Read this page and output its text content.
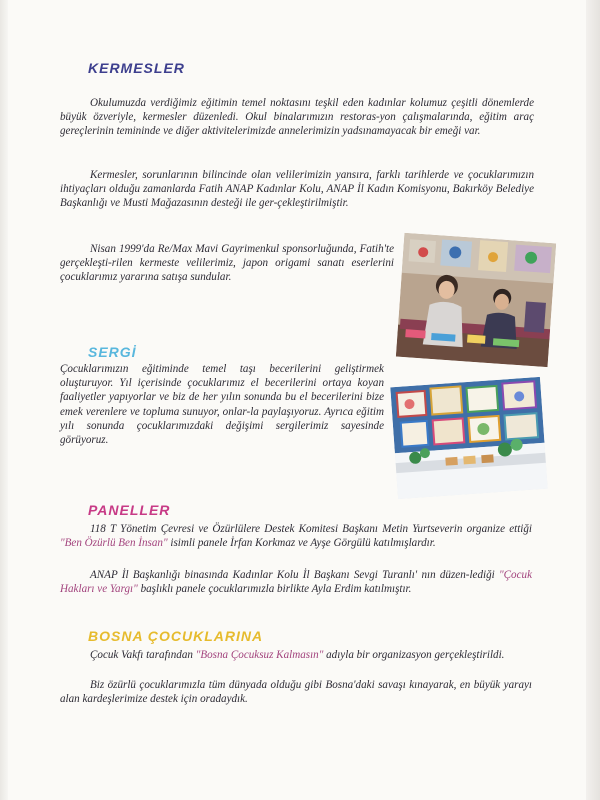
KERMESLER

Okulumuzda verdiğimiz eğitimin temel noktasını teşkil eden kadınlar kolumuz çeşitli dönemlerde büyük özveriyle, kermesler düzenledi. Okul binalarımızın restoras-yon çalışmalarında, eğitim araç gereçlerinin temininde ve diğer aktivitelerimizde annelerimizin yadsınamayacak bir emeği var.

Kermesler, sorunlarının bilincinde olan velilerimizin yansıra, farklı tarihlerde ve çocuklarımızın ihtiyaçları olduğu zamanlarda Fatih ANAP Kadınlar Kolu, ANAP İl Kadın Komisyonu, Bakırköy Belediye Başkanlığı ve Musti Mağazasının desteği ile ger-çekleştirilmiştir.

Nisan 1999'da Re/Max Mavi Gayrimenkul sponsorluğunda, Fatih'te gerçekleşti-rilen kermeste velilerimiz, japon origami sanatı eserlerini çocuklarımız yararına satışa sundular.

SERGİ

Çocuklarımızın eğitiminde temel taşı becerilerini geliştirmek oluşturuyor. Yıl içerisinde çocuklarımız el becerilerini ortaya koyan faaliyetler yapıyorlar ve biz de her yılın sonunda bu el becerilerini bize emek verenlere ve topluma sunuyor, onlar-la paylaşıyoruz. Ayrıca eğitim yılı sonunda çocuklarımızdaki değişimi sergilerimiz sayesinde görüyoruz.

PANELLER

118 T Yönetim Çevresi ve Özürlülere Destek Komitesi Başkanı Metin Yurtseverin organize ettiği "Ben Özürlü Ben İnsan" isimli panele İrfan Korkmaz ve Ayşe Görgülü katılmışlardır.

ANAP İl Başkanlığı binasında Kadınlar Kolu İl Başkanı Sevgi Turanlı' nın düzen-lediği "Çocuk Hakları ve Yargı" başlıklı panele çocuklarımızla birlikte Ayla Erdim katılmıştır.

BOSNA ÇOCUKLARINA

Çocuk Vakfı tarafından "Bosna Çocuksuz Kalmasın" adıyla bir organizasyon gerçekleştirildi.

Biz özürlü çocuklarımızla tüm dünyada olduğu gibi Bosna'daki savaşı kınayarak, en büyük yarayı alan kardeşlerimize destek için oradaydık.
